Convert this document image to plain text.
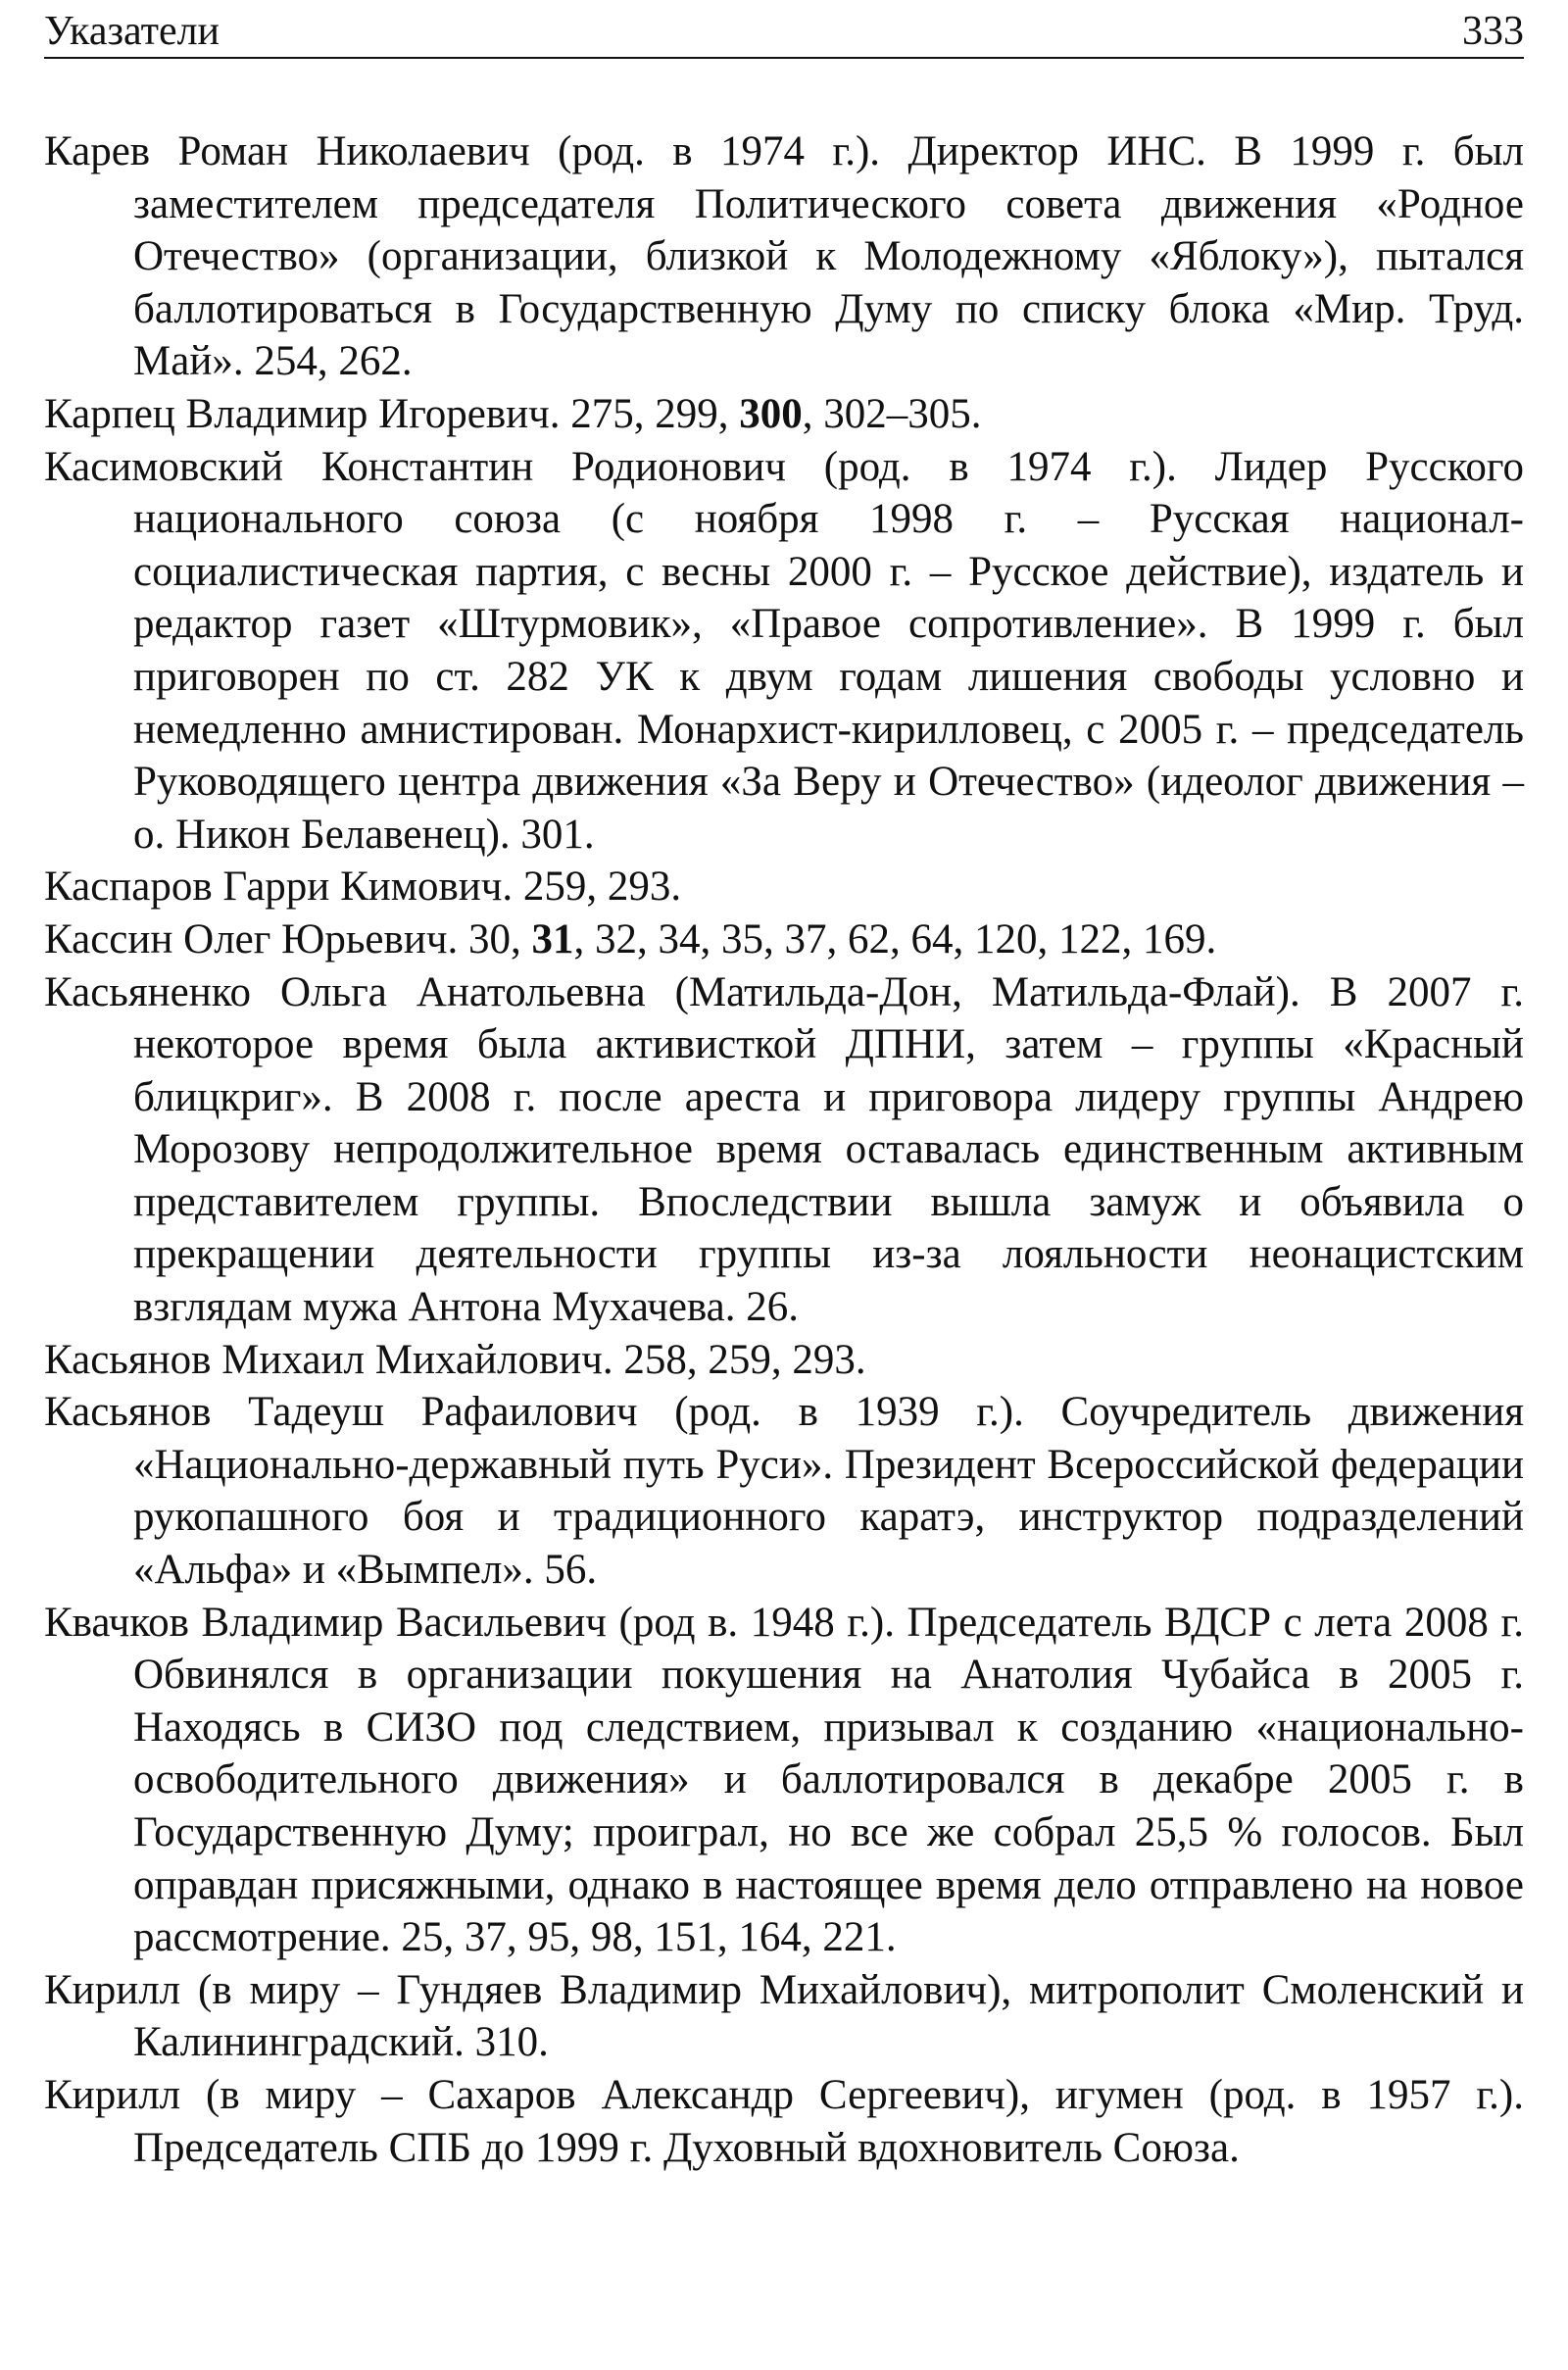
Указатели	333

Карев Роман Николаевич (род. в 1974 г.). Директор ИНС. В 1999 г. был заместителем председателя Политического совета движения «Родное Отечество» (организации, близкой к Молодежному «Яблоку»), пытался баллотироваться в Государственную Думу по списку блока «Мир. Труд. Май». 254, 262.

Карпец Владимир Игоревич. 275, 299, 300, 302–305.

Касимовский Константин Родионович (род. в 1974 г.). Лидер Русского национального союза (с ноября 1998 г. – Русская национал-социалистическая партия, с весны 2000 г. – Русское действие), издатель и редактор газет «Штурмовик», «Правое сопротивление». В 1999 г. был приговорен по ст. 282 УК к двум годам лишения свободы условно и немедленно амнистирован. Монархист-кирилловец, с 2005 г. – председатель Руководящего центра движения «За Веру и Отечество» (идеолог движения – о. Никон Белавенец). 301.

Каспаров Гарри Кимович. 259, 293.

Кассин Олег Юрьевич. 30, 31, 32, 34, 35, 37, 62, 64, 120, 122, 169.

Касьяненко Ольга Анатольевна (Матильда-Дон, Матильда-Флай). В 2007 г. некоторое время была активисткой ДПНИ, затем – группы «Красный блицкриг». В 2008 г. после ареста и приговора лидеру группы Андрею Морозову непродолжительное время оставалась единственным активным представителем группы. Впоследствии вышла замуж и объявила о прекращении деятельности группы из-за лояльности неонацистским взглядам мужа Антона Мухачева. 26.

Касьянов Михаил Михайлович. 258, 259, 293.

Касьянов Тадеуш Рафаилович (род. в 1939 г.). Соучредитель движения «Национально-державный путь Руси». Президент Всероссийской федерации рукопашного боя и традиционного каратэ, инструктор подразделений «Альфа» и «Вымпел». 56.

Квачков Владимир Васильевич (род в. 1948 г.). Председатель ВДСР с лета 2008 г. Обвинялся в организации покушения на Анатолия Чубайса в 2005 г. Находясь в СИЗО под следствием, призывал к созданию «национально-освободительного движения» и баллотировался в декабре 2005 г. в Государственную Думу; проиграл, но все же собрал 25,5 % голосов. Был оправдан присяжными, однако в настоящее время дело отправлено на новое рассмотрение. 25, 37, 95, 98, 151, 164, 221.

Кирилл (в миру – Гундяев Владимир Михайлович), митрополит Смоленский и Калининградский. 310.

Кирилл (в миру – Сахаров Александр Сергеевич), игумен (род. в 1957 г.). Председатель СПБ до 1999 г. Духовный вдохновитель Союза.
